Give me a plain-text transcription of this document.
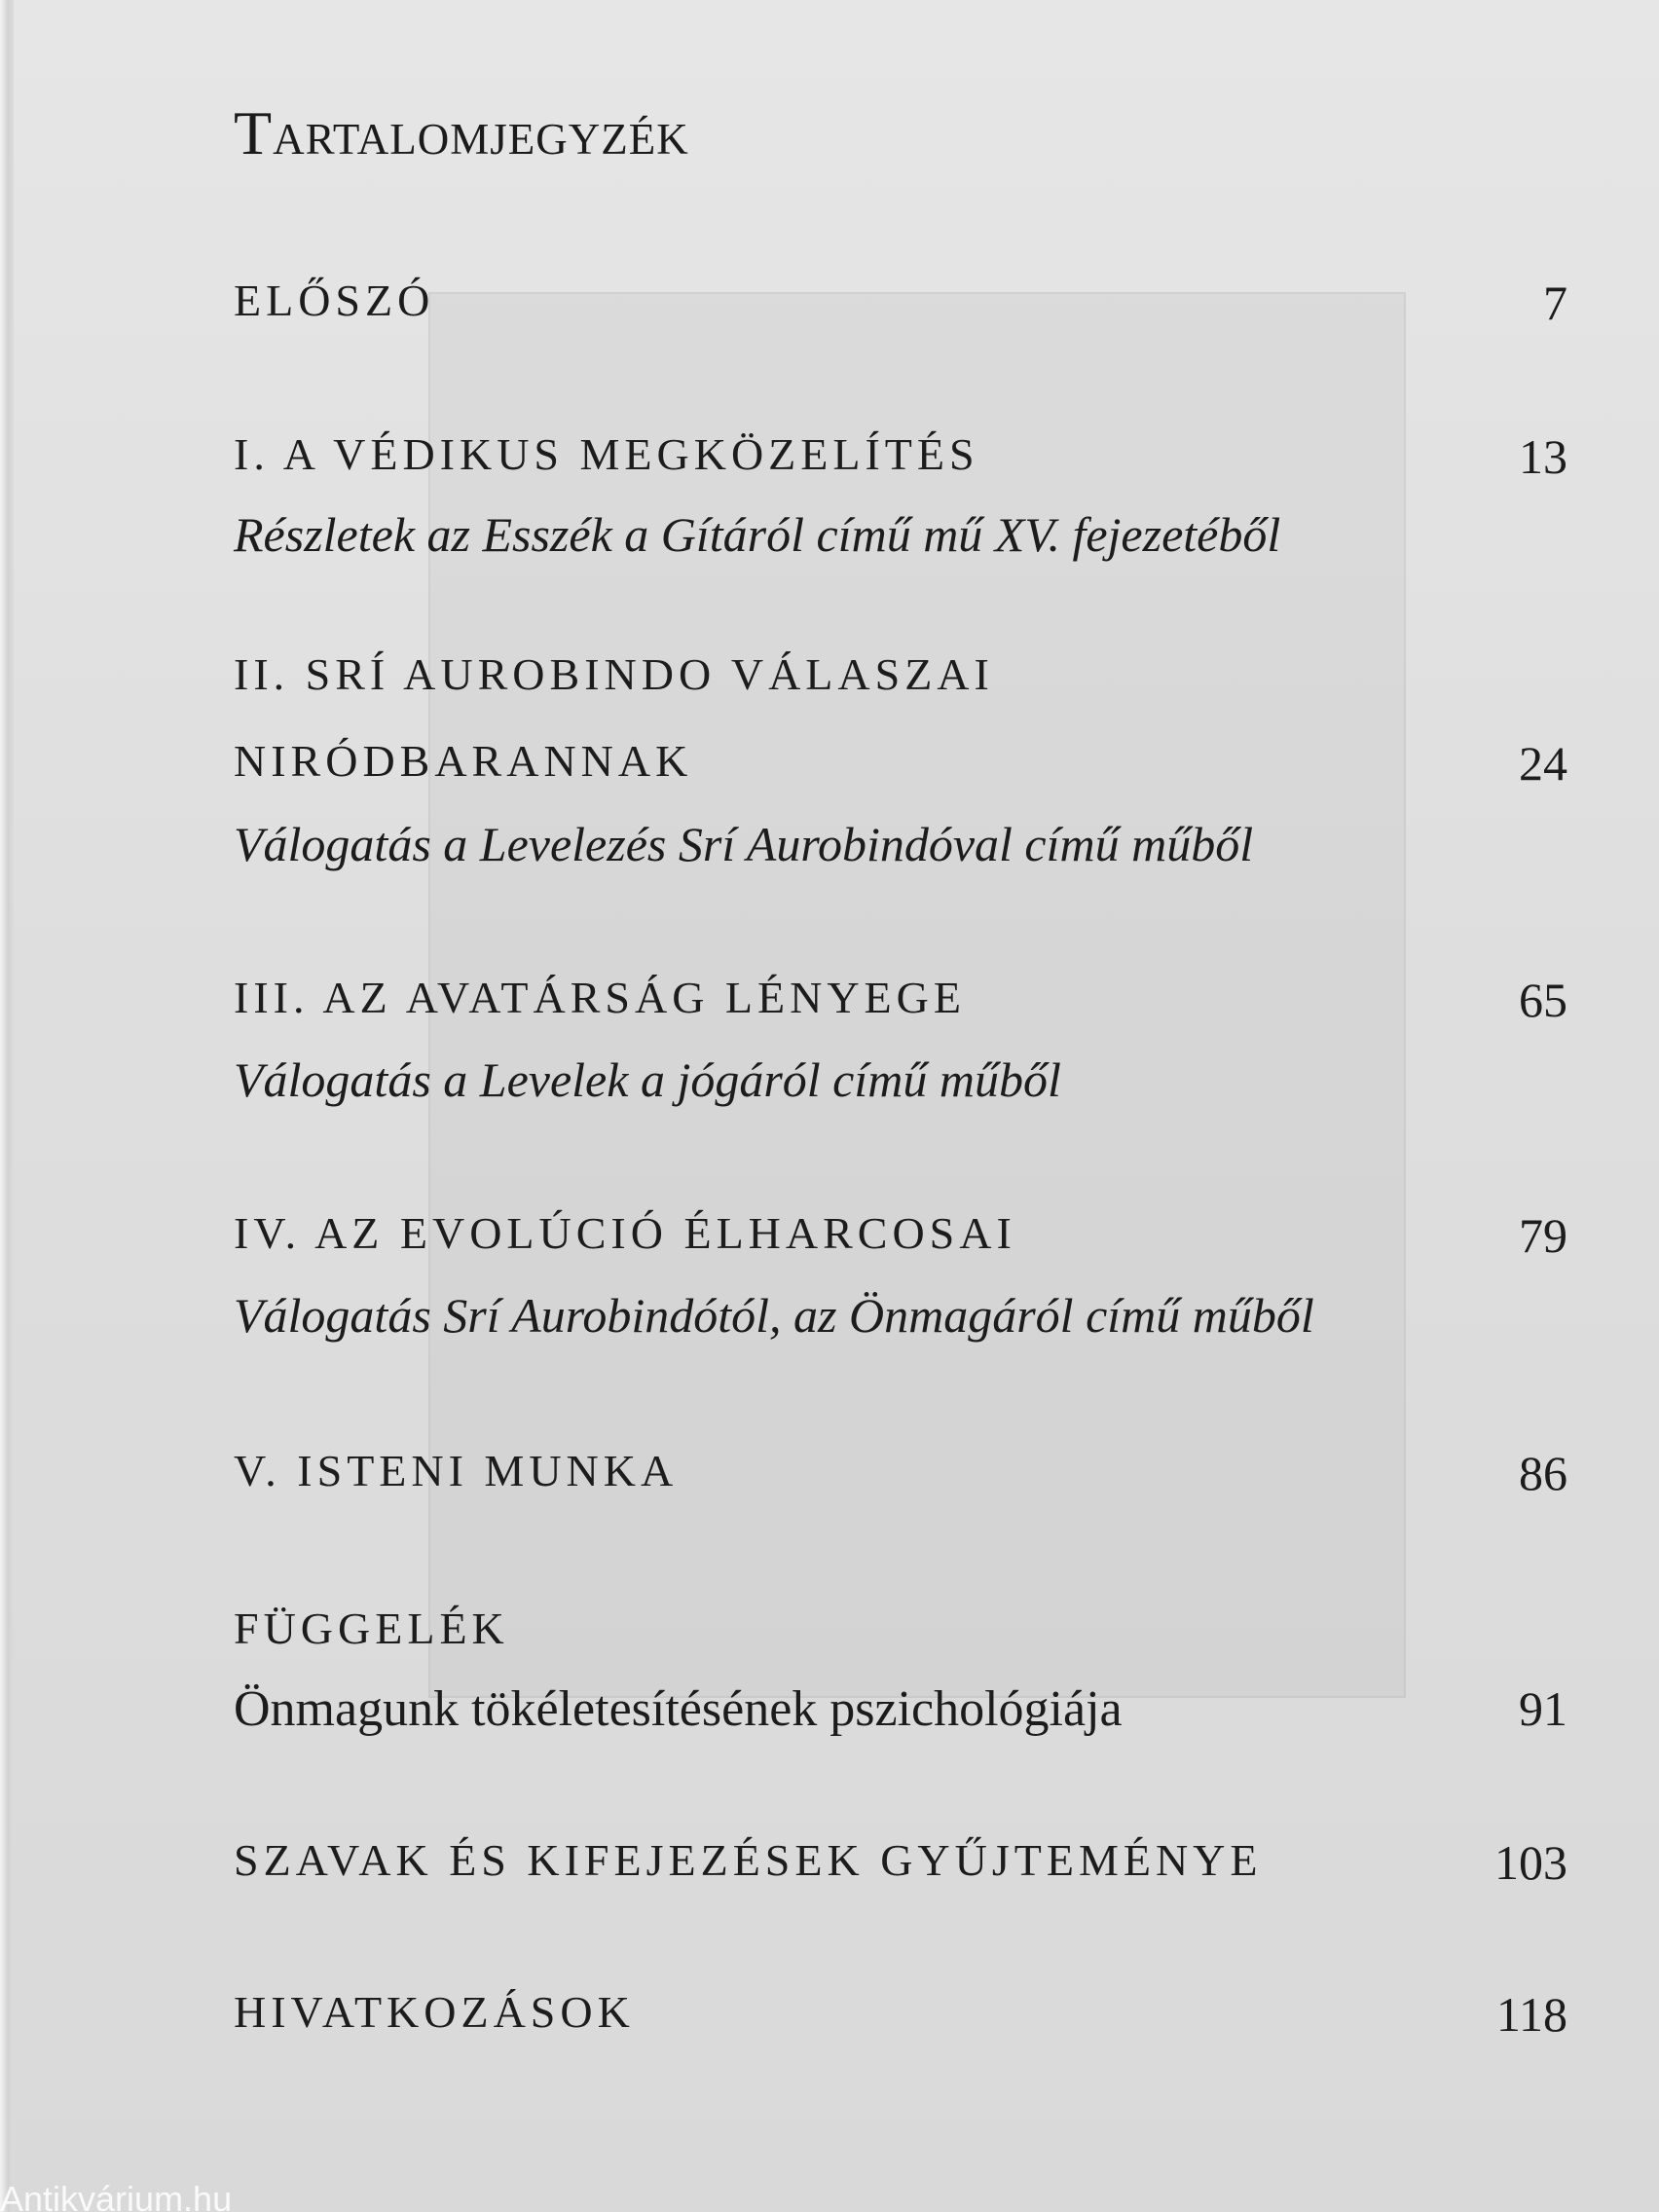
Tartalomjegyzék
ELŐSZÓ	7
I. A VÉDIKUS MEGKÖZELÍTÉS	13
Részletek az Esszék a Gítáról című mű XV. fejezetéből
II. SRÍ AUROBINDO VÁLASZAI
NIRÓDBARANNAK	24
Válogatás a Levelezés Srí Aurobindóval című műből
III. AZ AVATÁRSÁG LÉNYEGE	65
Válogatás a Levelek a jógáról című műből
IV. AZ EVOLÚCIÓ ÉLHARCOSAI	79
Válogatás Srí Aurobindótól, az Önmagáról című műből
V. ISTENI MUNKA	86
FÜGGELÉK
Önmagunk tökéletesítésének pszichológiája	91
SZAVAK ÉS KIFEJEZÉSEK GYŰJTEMÉNYE	103
HIVATKOZÁSOK	118
Antikvárium.hu
